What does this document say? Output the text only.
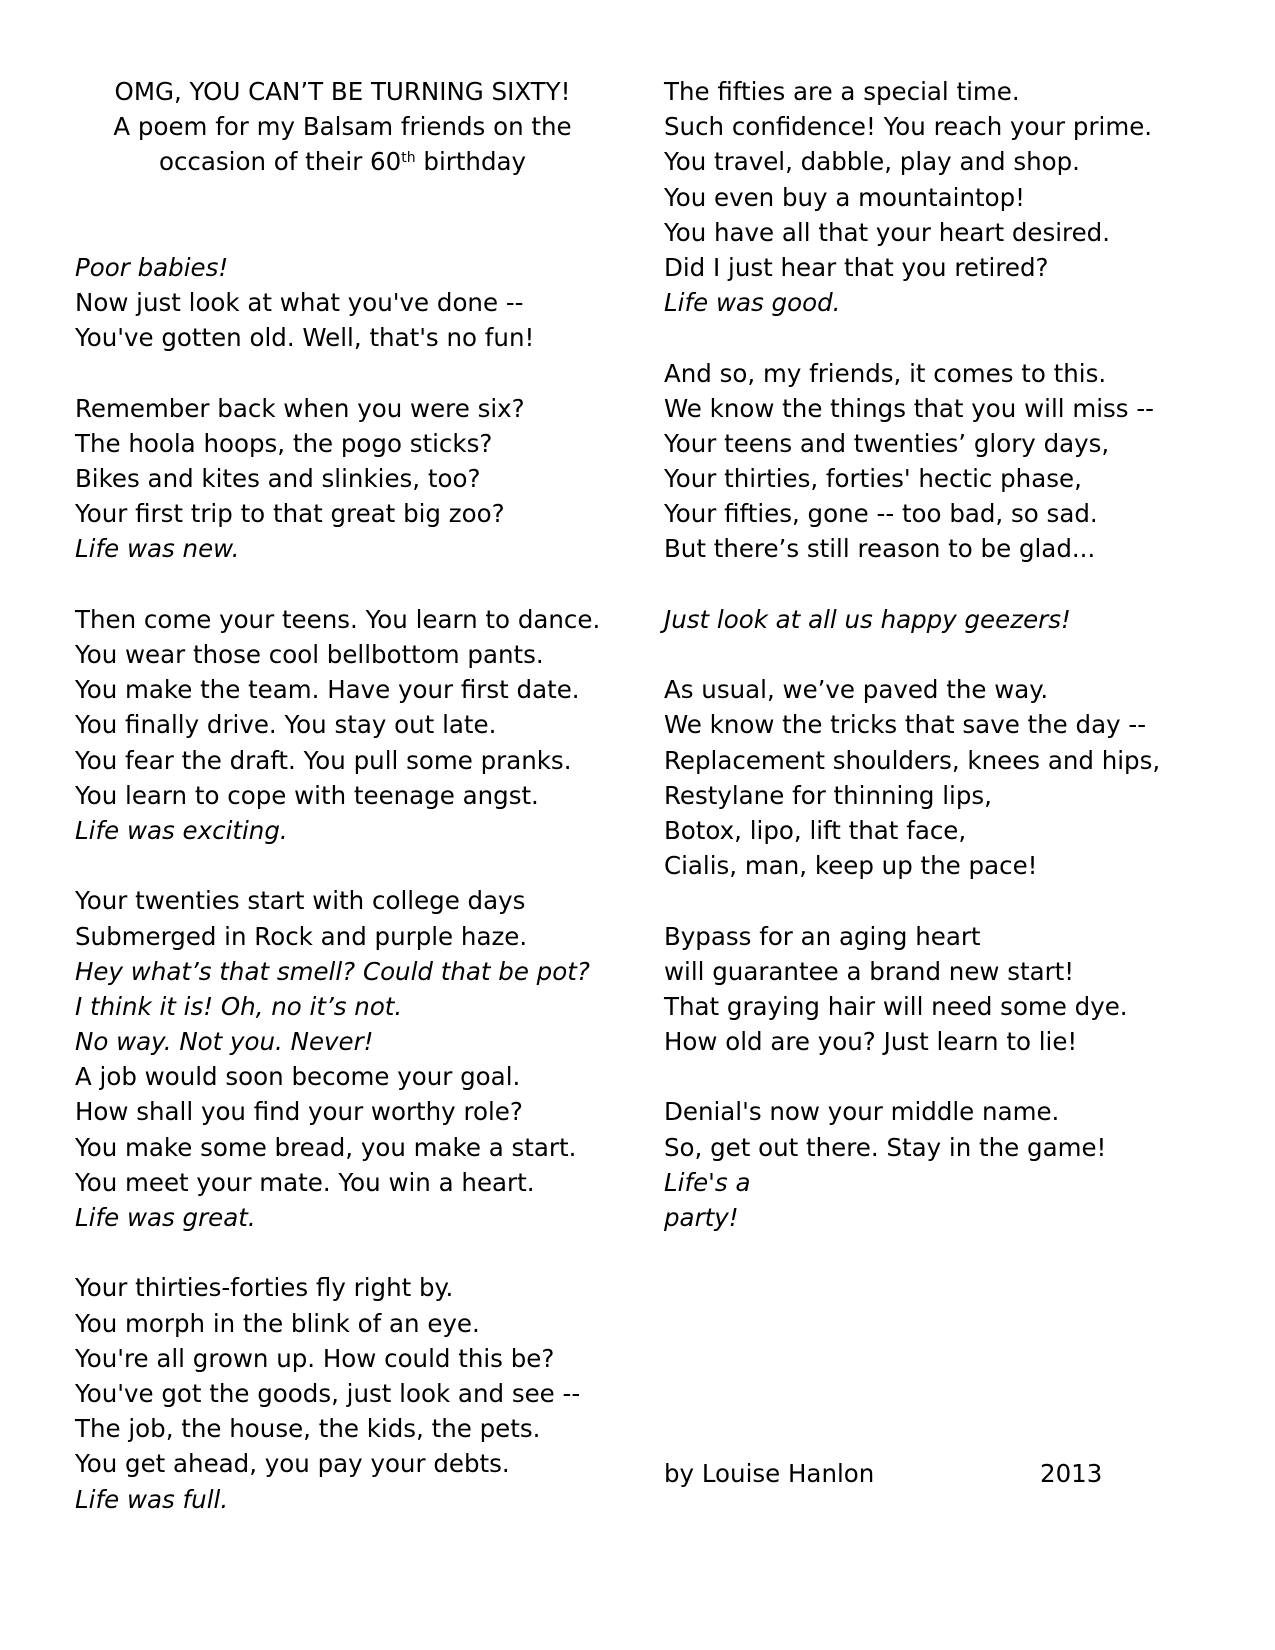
OMG, YOU CAN’T BE TURNING SIXTY!
A poem for my Balsam friends on the
occasion of their 60th birthday
Poor babies!
Now just look at what you've done --
You've gotten old. Well, that's no fun!
Remember back when you were six?
The hoola hoops, the pogo sticks?
Bikes and kites and slinkies, too?
Your first trip to that great big zoo?
Life was new.
Then come your teens. You learn to dance.
You wear those cool bellbottom pants.
You make the team. Have your first date.
You finally drive. You stay out late.
You fear the draft. You pull some pranks.
You learn to cope with teenage angst.
Life was exciting.
Your twenties start with college days
Submerged in Rock and purple haze.
Hey what’s that smell? Could that be pot?
I think it is! Oh, no it’s not.
No way. Not you. Never!
A job would soon become your goal.
How shall you find your worthy role?
You make some bread, you make a start.
You meet your mate. You win a heart.
Life was great.
Your thirties-forties fly right by.
You morph in the blink of an eye.
You're all grown up. How could this be?
You've got the goods, just look and see --
The job, the house, the kids, the pets.
You get ahead, you pay your debts.
Life was full.
The fifties are a special time.
Such confidence! You reach your prime.
You travel, dabble, play and shop.
You even buy a mountaintop!
You have all that your heart desired.
Did I just hear that you retired?
Life was good.
And so, my friends, it comes to this.
We know the things that you will miss --
Your teens and twenties’ glory days,
Your thirties, forties' hectic phase,
Your fifties, gone -- too bad, so sad.
But there’s still reason to be glad...
Just look at all us happy geezers!
As usual, we’ve paved the way.
We know the tricks that save the day --
Replacement shoulders, knees and hips,
Restylane for thinning lips,
Botox, lipo, lift that face,
Cialis, man, keep up the pace!
Bypass for an aging heart
will guarantee a brand new start!
That graying hair will need some dye.
How old are you? Just learn to lie!
Denial's now your middle name.
So, get out there. Stay in the game!
Life's a
party!
by Louise Hanlon	2013
